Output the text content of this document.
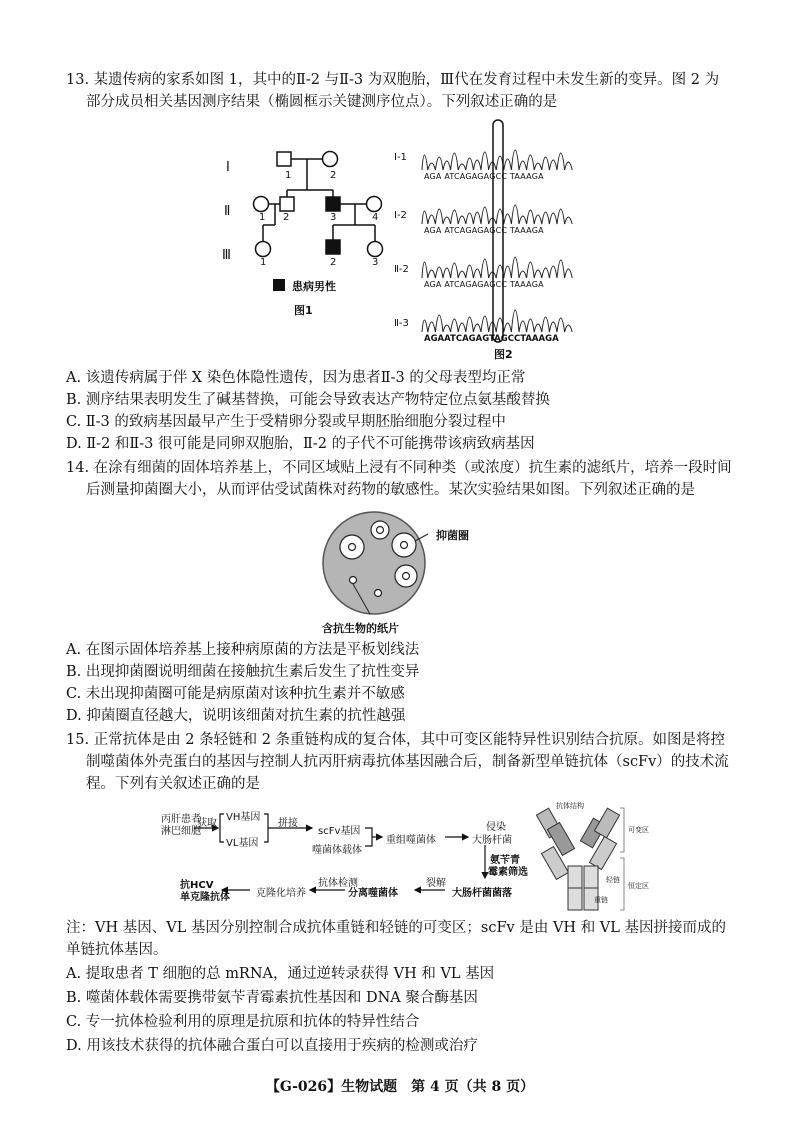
13. 某遗传病的家系如图 1，其中的Ⅱ-2 与Ⅱ-3 为双胞胎，Ⅲ代在发育过程中未发生新的变异。图 2 为
部分成员相关基因测序结果（椭圆框示关键测序位点）。下列叙述正确的是
Ⅰ
Ⅱ
Ⅲ
1	2
1 2	3	4
1	2	3
患病男性
图1
Ⅰ-1
Ⅰ-2
Ⅱ-2
Ⅱ-3
AGA ATCAGAGAGCC TAAAGA
AGA ATCAGAGAGCC TAAAGA
AGA ATCAGAGAGCC TAAAGA
AGAATCAGAGTAGCCTAAAGA
图2
A. 该遗传病属于伴 X 染色体隐性遗传，因为患者Ⅱ-3 的父母表型均正常
B. 测序结果表明发生了碱基替换，可能会导致表达产物特定位点氨基酸替换
C. Ⅱ-3 的致病基因最早产生于受精卵分裂或早期胚胎细胞分裂过程中
D. Ⅱ-2 和Ⅱ-3 很可能是同卵双胞胎，Ⅱ-2 的子代不可能携带该病致病基因
14. 在涂有细菌的固体培养基上，不同区域贴上浸有不同种类（或浓度）抗生素的滤纸片，培养一段时间
后测量抑菌圈大小，从而评估受试菌株对药物的敏感性。某次实验结果如图。下列叙述正确的是
抑菌圈
含抗生物的纸片
A. 在图示固体培养基上接种病原菌的方法是平板划线法
B. 出现抑菌圈说明细菌在接触抗生素后发生了抗性变异
C. 未出现抑菌圈可能是病原菌对该种抗生素并不敏感
D. 抑菌圈直径越大，说明该细菌对抗生素的抗性越强
15. 正常抗体是由 2 条轻链和 2 条重链构成的复合体，其中可变区能特异性识别结合抗原。如图是将控
制噬菌体外壳蛋白的基因与控制人抗丙肝病毒抗体基因融合后，制备新型单链抗体（scFv）的技术流
程。下列有关叙述正确的是
丙肝患者
淋巴细胞
获取
VH基因
VL基因
拼接
scFv基因
噬菌体载体
重组噬菌体
侵染
大肠杆菌
氨苄青
霉素筛选
大肠杆菌菌落
裂解
分离噬菌体
抗体检测
克隆化培养
抗HCV
单克隆抗体
抗体结构
可变区
恒定区
轻链
重链
注：VH 基因、VL 基因分别控制合成抗体重链和轻链的可变区；scFv 是由 VH 和 VL 基因拼接而成的
单链抗体基因。
A. 提取患者 T 细胞的总 mRNA，通过逆转录获得 VH 和 VL 基因
B. 噬菌体载体需要携带氨苄青霉素抗性基因和 DNA 聚合酶基因
C. 专一抗体检验利用的原理是抗原和抗体的特异性结合
D. 用该技术获得的抗体融合蛋白可以直接用于疾病的检测或治疗
【G-026】生物试题　第 4 页（共 8 页）
